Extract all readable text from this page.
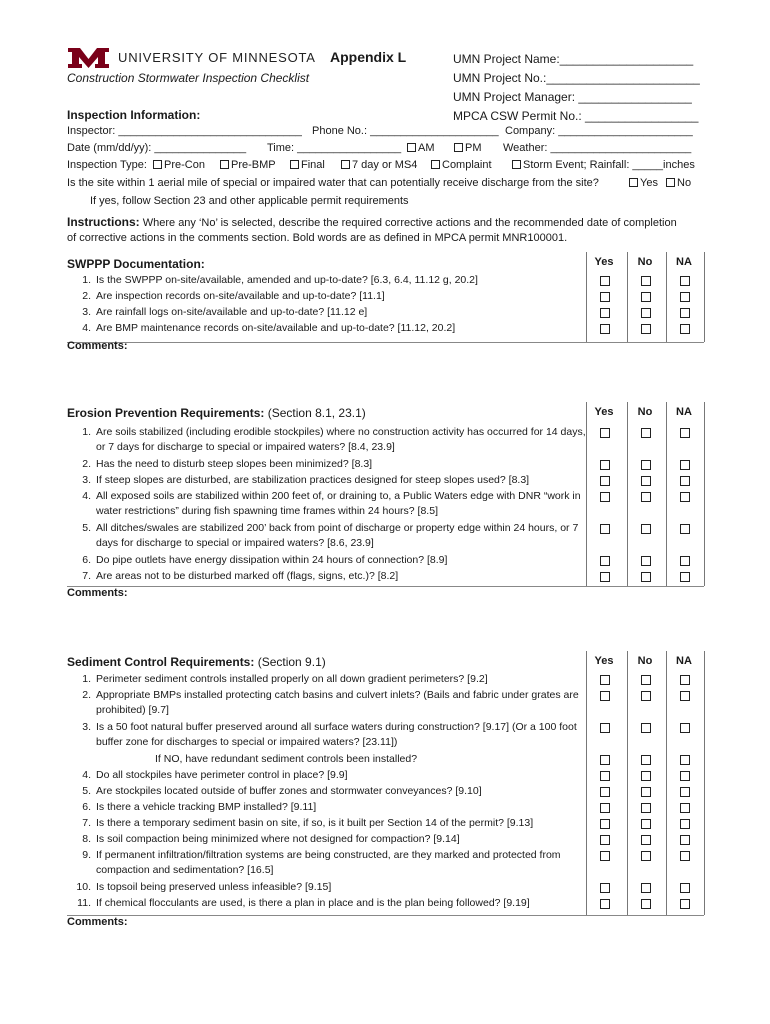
UNIVERSITY OF MINNESOTA Appendix L
Construction Stormwater Inspection Checklist
UMN Project Name:____________________
UMN Project No.:_______________________
UMN Project Manager: _________________
MPCA CSW Permit No.: _________________
Inspection Information:
Inspector: ______________________________ Phone No.: _____________________ Company: ______________________
Date (mm/dd/yy): _______________ Time: _________________	AM	PM Weather: _______________________
Inspection Type:	Pre-Con	Pre-BMP	Final	7 day or MS4	Complaint	Storm Event; Rainfall: _____inches
Is the site within 1 aerial mile of special or impaired water that can potentially receive discharge from the site?	Yes	No
If yes, follow Section 23 and other applicable permit requirements
Instructions: Where any ‘No’ is selected, describe the required corrective actions and the recommended date of completion
of corrective actions in the comments section. Bold words are as defined in MPCA permit MNR100001.
SWPPP Documentation:	Yes	No	NA
1. Is the SWPPP on-site/available, amended and up-to-date? [6.3, 6.4, 11.12 g, 20.2]
2. Are inspection records on-site/available and up-to-date? [11.1]
3. Are rainfall logs on-site/available and up-to-date? [11.12 e]
4. Are BMP maintenance records on-site/available and up-to-date? [11.12, 20.2]
Comments:
Erosion Prevention Requirements: (Section 8.1, 23.1)	Yes	No	NA
1. Are soils stabilized (including erodible stockpiles) where no construction activity has occurred for 14 days, or 7 days for discharge to special or impaired waters? [8.4, 23.9]
2. Has the need to disturb steep slopes been minimized? [8.3]
3. If steep slopes are disturbed, are stabilization practices designed for steep slopes used? [8.3]
4. All exposed soils are stabilized within 200 feet of, or draining to, a Public Waters edge with DNR “work in water restrictions” during fish spawning time frames within 24 hours? [8.5]
5. All ditches/swales are stabilized 200’ back from point of discharge or property edge within 24 hours, or 7 days for discharge to special or impaired waters? [8.6, 23.9]
6. Do pipe outlets have energy dissipation within 24 hours of connection? [8.9]
7. Are areas not to be disturbed marked off (flags, signs, etc.)? [8.2]
Comments:
Sediment Control Requirements: (Section 9.1)	Yes	No	NA
1. Perimeter sediment controls installed properly on all down gradient perimeters? [9.2]
2. Appropriate BMPs installed protecting catch basins and culvert inlets? (Bails and fabric under grates are prohibited) [9.7]
3. Is a 50 foot natural buffer preserved around all surface waters during construction? [9.17] (Or a 100 foot buffer zone for discharges to special or impaired waters? [23.11])
If NO, have redundant sediment controls been installed?
4. Do all stockpiles have perimeter control in place? [9.9]
5. Are stockpiles located outside of buffer zones and stormwater conveyances? [9.10]
6. Is there a vehicle tracking BMP installed? [9.11]
7. Is there a temporary sediment basin on site, if so, is it built per Section 14 of the permit? [9.13]
8. Is soil compaction being minimized where not designed for compaction? [9.14]
9. If permanent infiltration/filtration systems are being constructed, are they marked and protected from compaction and sedimentation? [16.5]
10. Is topsoil being preserved unless infeasible? [9.15]
11. If chemical flocculants are used, is there a plan in place and is the plan being followed? [9.19]
Comments:
